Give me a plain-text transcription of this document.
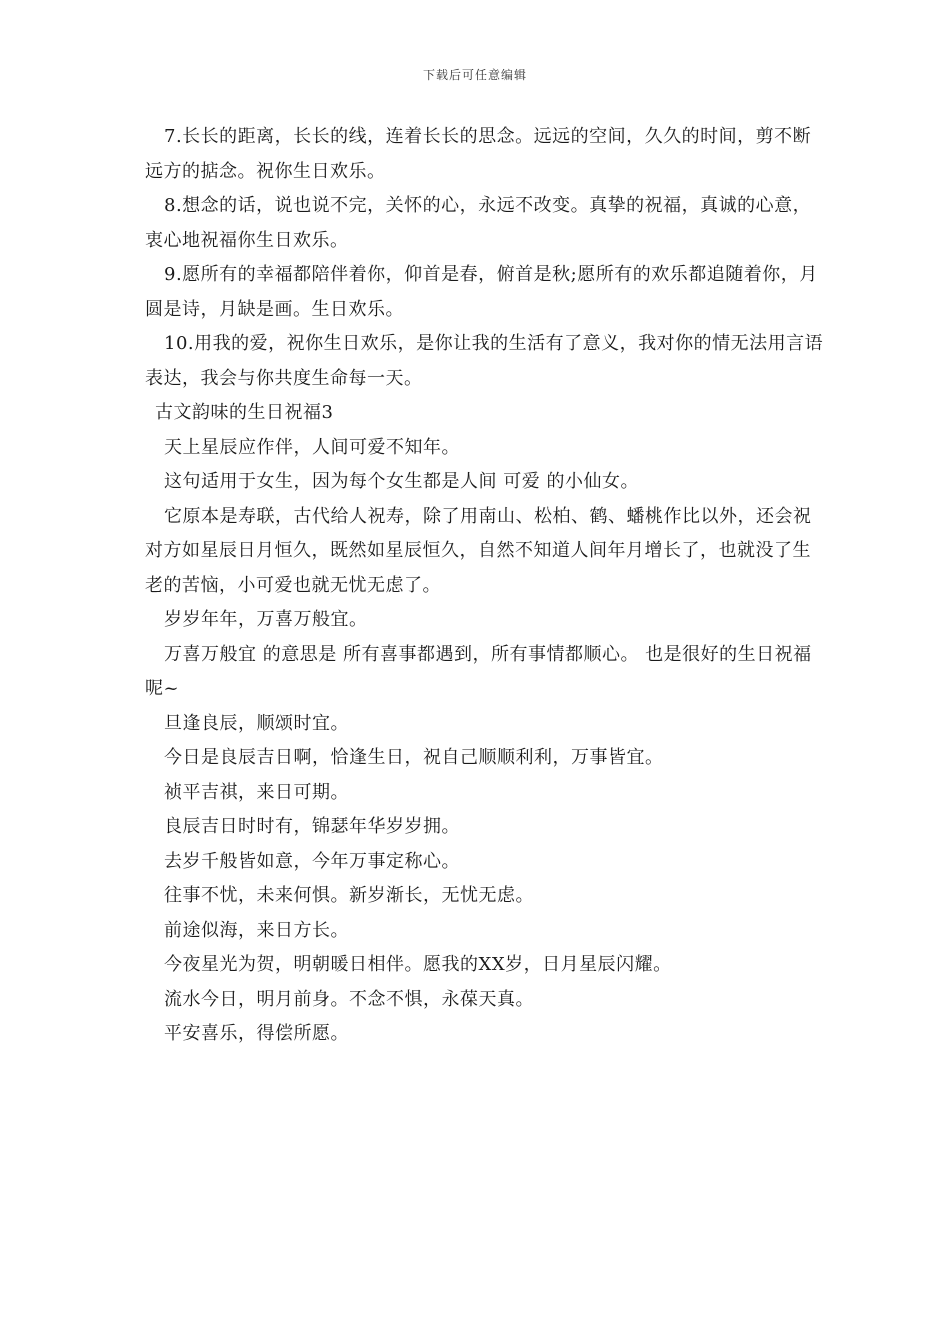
下载后可任意编辑

7.长长的距离，长长的线，连着长长的思念。远远的空间，久久的时间，剪不断远方的掂念。祝你生日欢乐。

8.想念的话，说也说不完，关怀的心，永远不改变。真挚的祝福，真诚的心意，衷心地祝福你生日欢乐。

9.愿所有的幸福都陪伴着你，仰首是春，俯首是秋;愿所有的欢乐都追随着你，月圆是诗，月缺是画。生日欢乐。

10.用我的爱，祝你生日欢乐，是你让我的生活有了意义，我对你的情无法用言语表达，我会与你共度生命每一天。

古文韵味的生日祝福3

天上星辰应作伴，人间可爱不知年。

这句适用于女生，因为每个女生都是人间 可爱 的小仙女。

它原本是寿联，古代给人祝寿，除了用南山、松柏、鹤、蟠桃作比以外，还会祝对方如星辰日月恒久，既然如星辰恒久，自然不知道人间年月增长了，也就没了生老的苦恼，小可爱也就无忧无虑了。

岁岁年年，万喜万般宜。

万喜万般宜 的意思是 所有喜事都遇到，所有事情都顺心。 也是很好的生日祝福呢~

旦逢良辰，顺颂时宜。

今日是良辰吉日啊，恰逢生日，祝自己顺顺利利，万事皆宜。

祯平吉祺，来日可期。

良辰吉日时时有，锦瑟年华岁岁拥。

去岁千般皆如意，今年万事定称心。

往事不忧，未来何惧。新岁渐长，无忧无虑。

前途似海，来日方长。

今夜星光为贺，明朝暖日相伴。愿我的XX岁，日月星辰闪耀。

流水今日，明月前身。不念不惧，永葆天真。

平安喜乐，得偿所愿。
